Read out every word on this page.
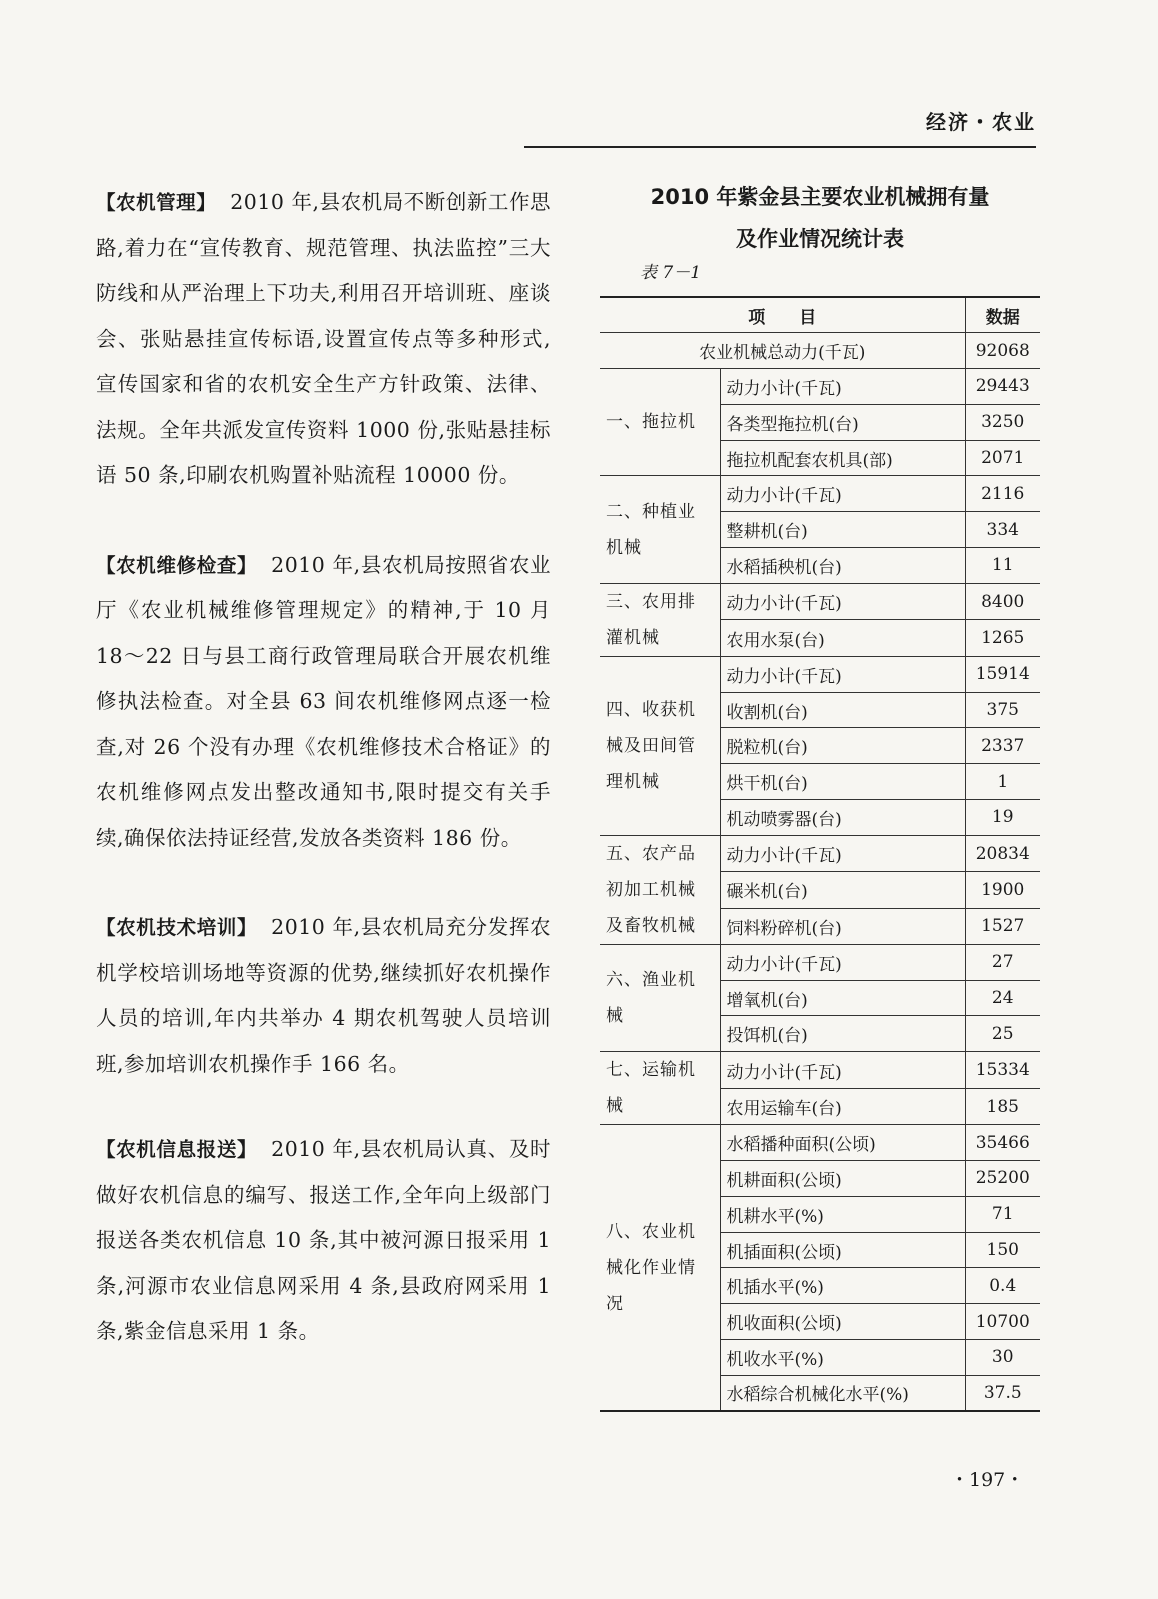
经济・农业

【农机管理】 2010 年,县农机局不断创新工作思路,着力在“宣传教育、规范管理、执法监控”三大防线和从严治理上下功夫,利用召开培训班、座谈会、张贴悬挂宣传标语,设置宣传点等多种形式,宣传国家和省的农机安全生产方针政策、法律、法规。全年共派发宣传资料 1000 份,张贴悬挂标语 50 条,印刷农机购置补贴流程 10000 份。

【农机维修检查】 2010 年,县农机局按照省农业厅《农业机械维修管理规定》的精神,于 10 月 18～22 日与县工商行政管理局联合开展农机维修执法检查。对全县 63 间农机维修网点逐一检查,对 26 个没有办理《农机维修技术合格证》的农机维修网点发出整改通知书,限时提交有关手续,确保依法持证经营,发放各类资料 186 份。

【农机技术培训】 2010 年,县农机局充分发挥农机学校培训场地等资源的优势,继续抓好农机操作人员的培训,年内共举办 4 期农机驾驶人员培训班,参加培训农机操作手 166 名。

【农机信息报送】 2010 年,县农机局认真、及时做好农机信息的编写、报送工作,全年向上级部门报送各类农机信息 10 条,其中被河源日报采用 1 条,河源市农业信息网采用 4 条,县政府网采用 1 条,紫金信息采用 1 条。

2010 年紫金县主要农业机械拥有量
及作业情况统计表
表 7－1
项　　目		数据
农业机械总动力(千瓦)		92068
一、拖拉机	动力小计(千瓦)	29443
	各类型拖拉机(台)	3250
	拖拉机配套农机具(部)	2071
二、种植业机械	动力小计(千瓦)	2116
	整耕机(台)	334
	水稻插秧机(台)	11
三、农用排灌机械	动力小计(千瓦)	8400
	农用水泵(台)	1265
四、收获机械及田间管理机械	动力小计(千瓦)	15914
	收割机(台)	375
	脱粒机(台)	2337
	烘干机(台)	1
	机动喷雾器(台)	19
五、农产品初加工机械及畜牧机械	动力小计(千瓦)	20834
	碾米机(台)	1900
	饲料粉碎机(台)	1527
六、渔业机械	动力小计(千瓦)	27
	增氧机(台)	24
	投饵机(台)	25
七、运输机械	动力小计(千瓦)	15334
	农用运输车(台)	185
八、农业机械化作业情况	水稻播种面积(公顷)	35466
	机耕面积(公顷)	25200
	机耕水平(%)	71
	机插面积(公顷)	150
	机插水平(%)	0.4
	机收面积(公顷)	10700
	机收水平(%)	30
	水稻综合机械化水平(%)	37.5
・197・
